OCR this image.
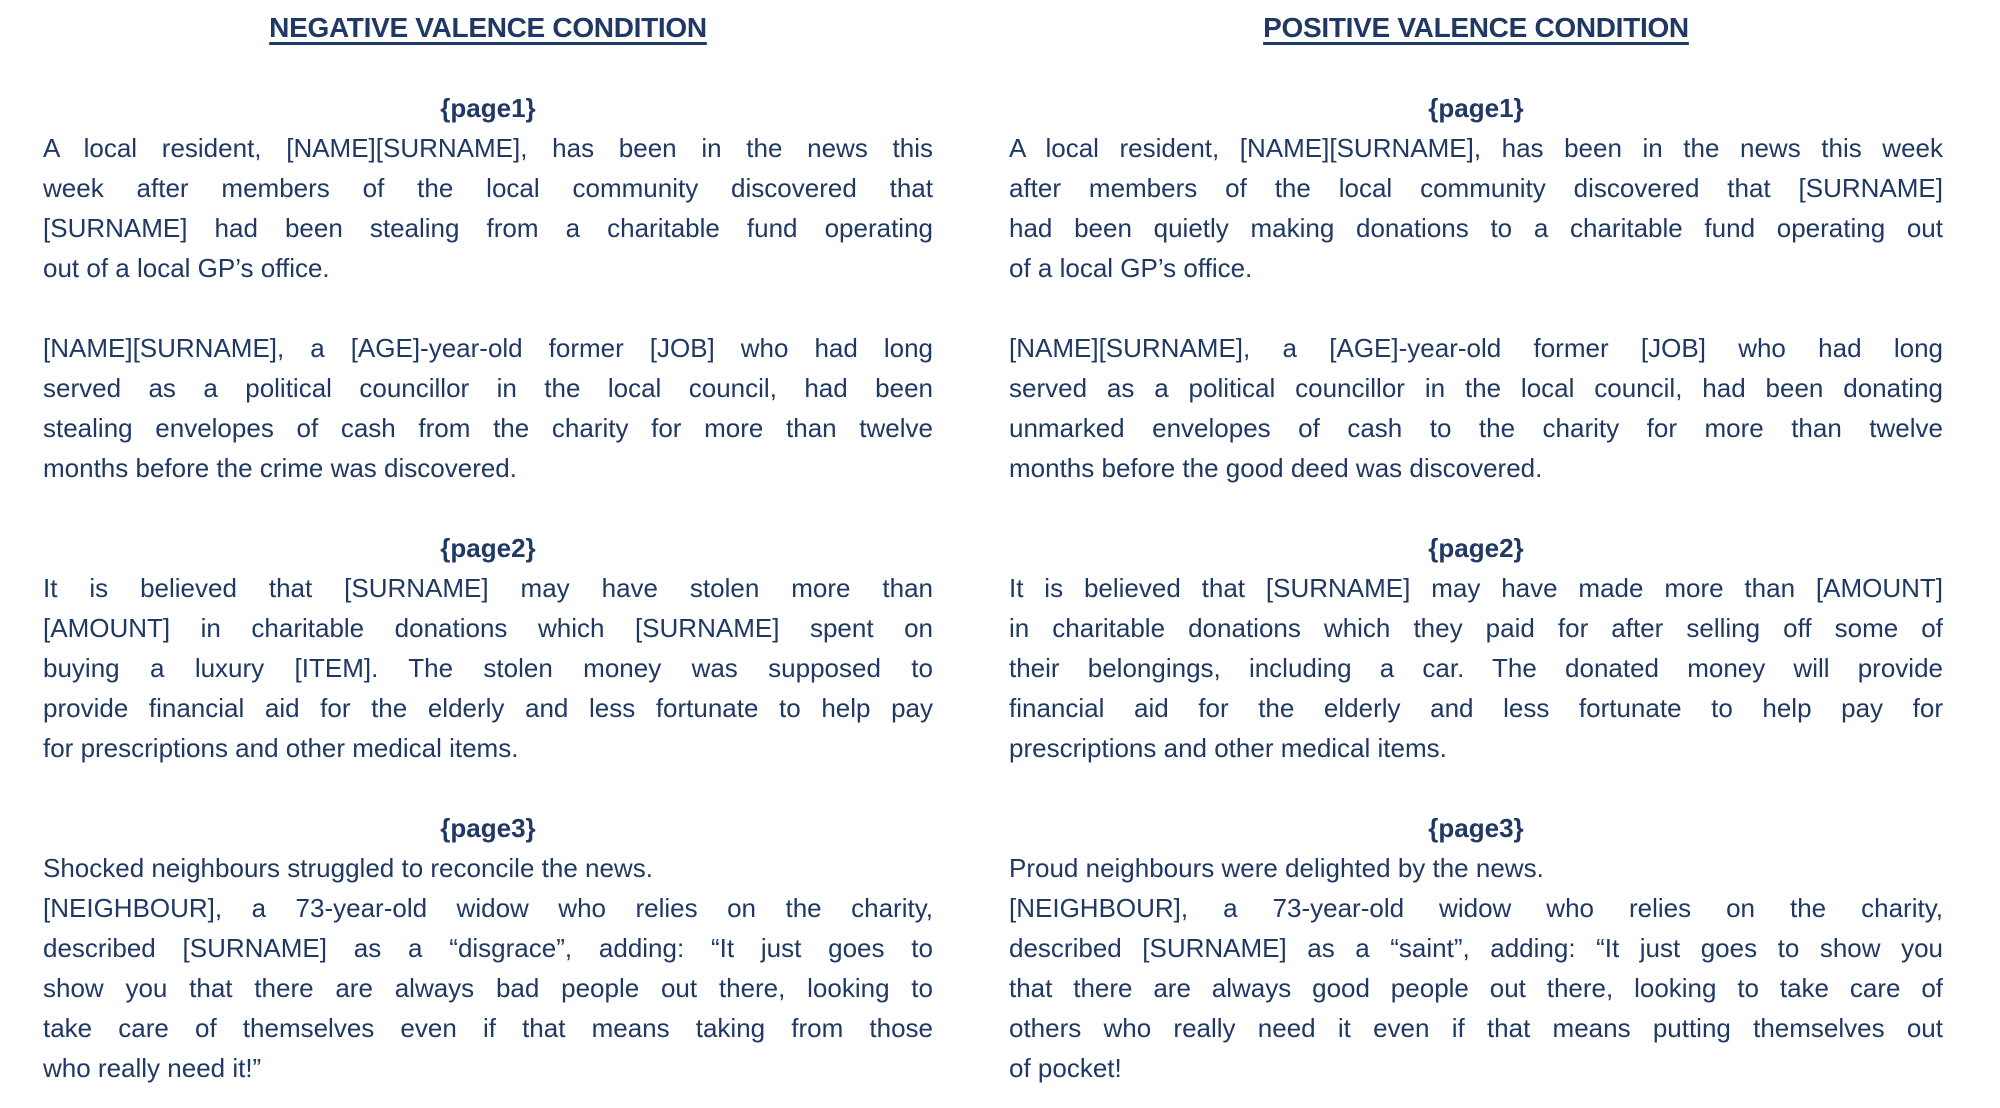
NEGATIVE VALENCE CONDITION
{page1}
A local resident, [NAME][SURNAME], has been in the news this
week after members of the local community discovered that
[SURNAME] had been stealing from a charitable fund operating
out of a local GP’s office.
[NAME][SURNAME], a [AGE]-year-old former [JOB] who had long
served as a political councillor in the local council, had been
stealing envelopes of cash from the charity for more than twelve
months before the crime was discovered.
{page2}
It is believed that [SURNAME] may have stolen more than
[AMOUNT] in charitable donations which [SURNAME] spent on
buying a luxury [ITEM]. The stolen money was supposed to
provide financial aid for the elderly and less fortunate to help pay
for prescriptions and other medical items.
{page3}
Shocked neighbours struggled to reconcile the news.
[NEIGHBOUR], a 73-year-old widow who relies on the charity,
described [SURNAME] as a “disgrace”, adding: “It just goes to
show you that there are always bad people out there, looking to
take care of themselves even if that means taking from those
who really need it!”
POSITIVE VALENCE CONDITION
{page1}
A local resident, [NAME][SURNAME], has been in the news this week
after members of the local community discovered that [SURNAME]
had been quietly making donations to a charitable fund operating out
of a local GP’s office.
[NAME][SURNAME], a [AGE]-year-old former [JOB] who had long
served as a political councillor in the local council, had been donating
unmarked envelopes of cash to the charity for more than twelve
months before the good deed was discovered.
{page2}
It is believed that [SURNAME] may have made more than [AMOUNT]
in charitable donations which they paid for after selling off some of
their belongings, including a car. The donated money will provide
financial aid for the elderly and less fortunate to help pay for
prescriptions and other medical items.
{page3}
Proud neighbours were delighted by the news.
[NEIGHBOUR], a 73-year-old widow who relies on the charity,
described [SURNAME] as a “saint”, adding: “It just goes to show you
that there are always good people out there, looking to take care of
others who really need it even if that means putting themselves out
of pocket!
